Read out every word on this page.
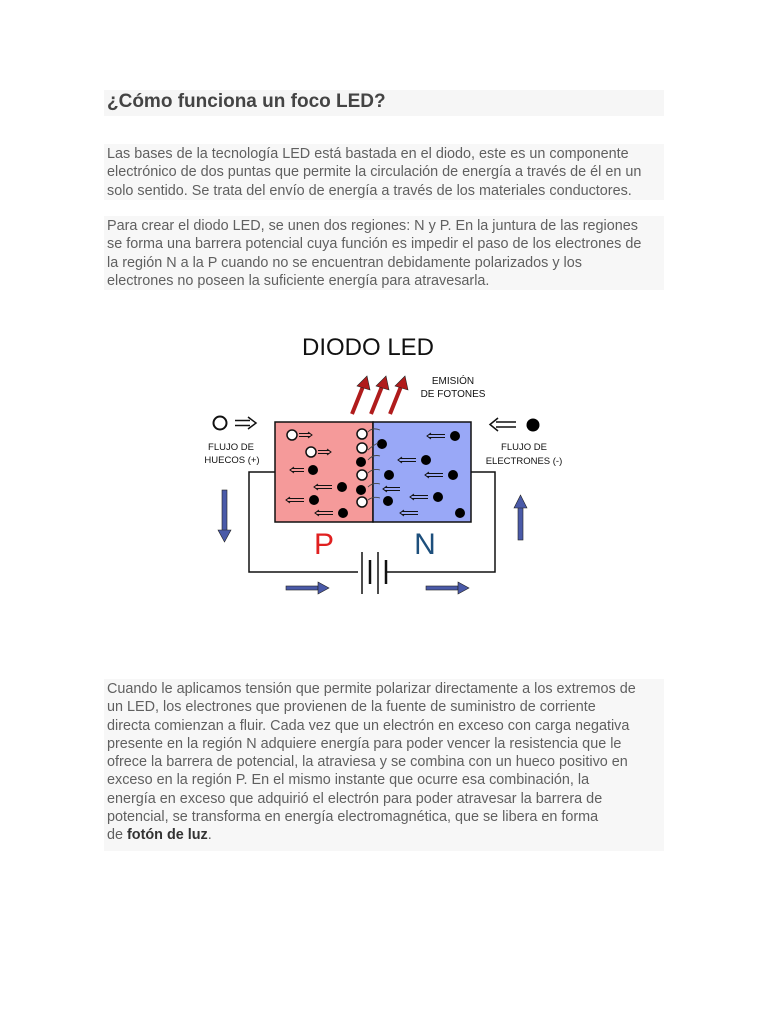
¿Cómo funciona un foco LED?

Las bases de la tecnología LED está bastada en el diodo, este es un componente
electrónico de dos puntas que permite la circulación de energía a través de él en un
solo sentido. Se trata del envío de energía a través de los materiales conductores.

Para crear el diodo LED, se unen dos regiones: N y P. En la juntura de las regiones
se forma una barrera potencial cuya función es impedir el paso de los electrones de
la región N a la P cuando no se encuentran debidamente polarizados y los
electrones no poseen la suficiente energía para atravesarla.

DIODO LED
EMISIÓN
DE FOTONES
FLUJO DE
HUECOS (+)
FLUJO DE
ELECTRONES (-)
P	N

Cuando le aplicamos tensión que permite polarizar directamente a los extremos de
un LED, los electrones que provienen de la fuente de suministro de corriente
directa comienzan a fluir. Cada vez que un electrón en exceso con carga negativa
presente en la región N adquiere energía para poder vencer la resistencia que le
ofrece la barrera de potencial, la atraviesa y se combina con un hueco positivo en
exceso en la región P. En el mismo instante que ocurre esa combinación, la
energía en exceso que adquirió el electrón para poder atravesar la barrera de
potencial, se transforma en energía electromagnética, que se libera en forma
de fotón de luz.
